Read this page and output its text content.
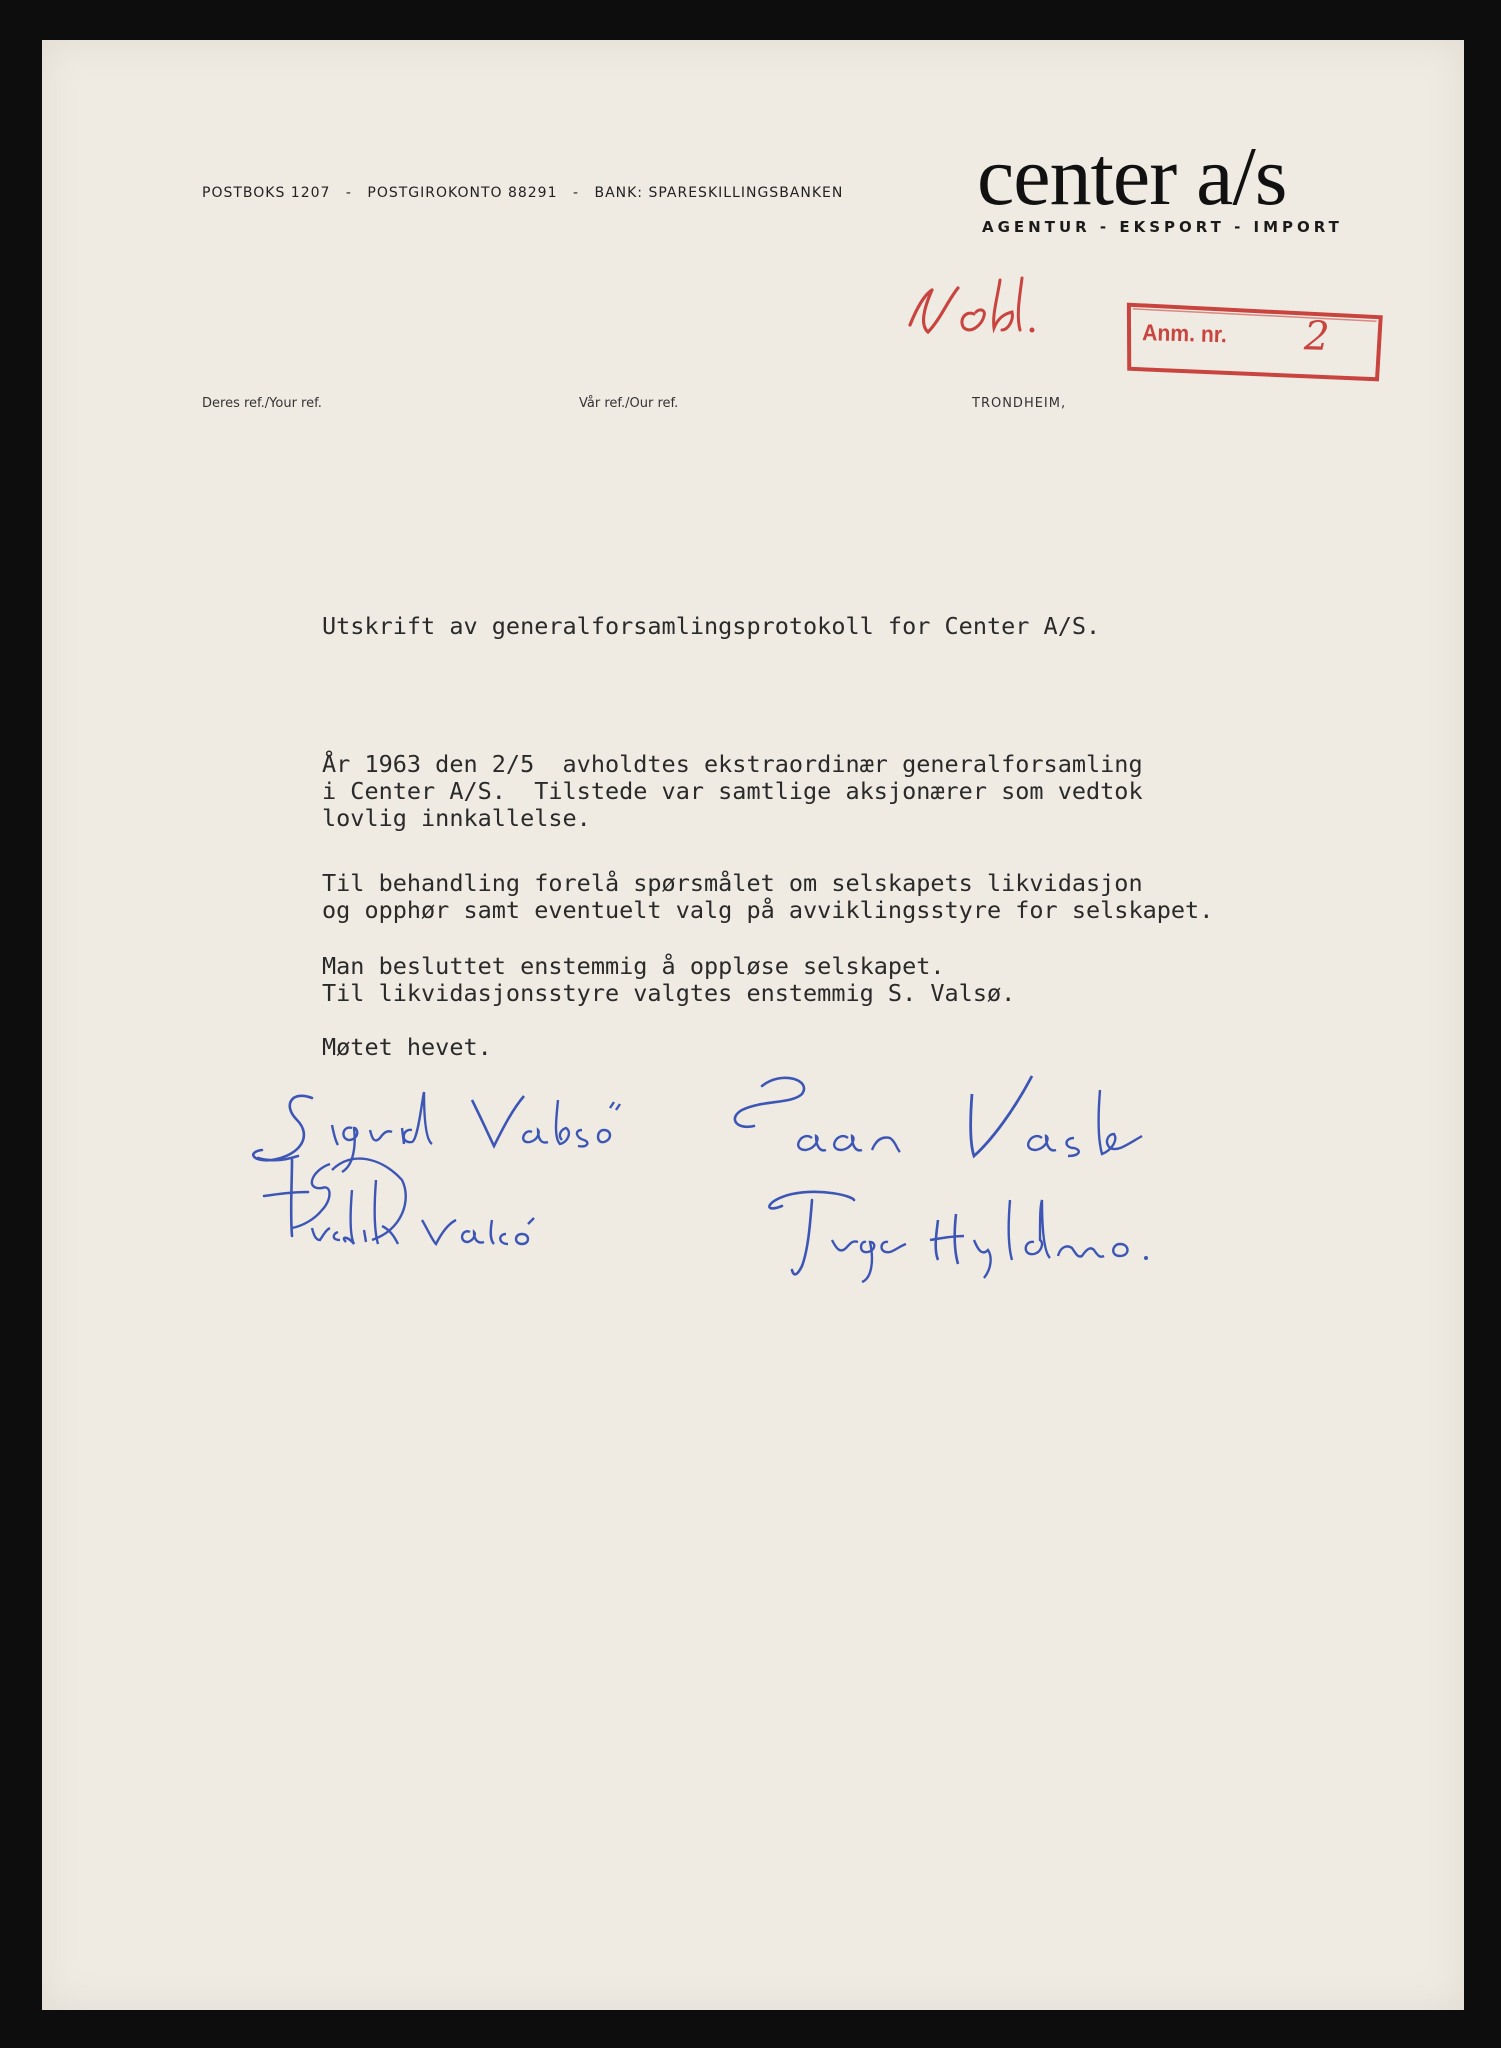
POSTBOKS 1207 - POSTGIROKONTO 88291 - BANK: SPARESKILLINGSBANKEN center a/s
AGENTUR - EKSPORT - IMPORT
Anm. nr. 2
Deres ref./Your ref.	Vår ref./Our ref.	TRONDHEIM,
Utskrift av generalforsamlingsprotokoll for Center A/S.
År 1963 den 2/5  avholdtes ekstraordinær generalforsamling
i Center A/S.  Tilstede var samtlige aksjonærer som vedtok
lovlig innkallelse.
Til behandling forelå spørsmålet om selskapets likvidasjon
og opphør samt eventuelt valg på avviklingsstyre for selskapet.
Man besluttet enstemmig å oppløse selskapet.
Til likvidasjonsstyre valgtes enstemmig S. Valsø.
Møtet hevet.
